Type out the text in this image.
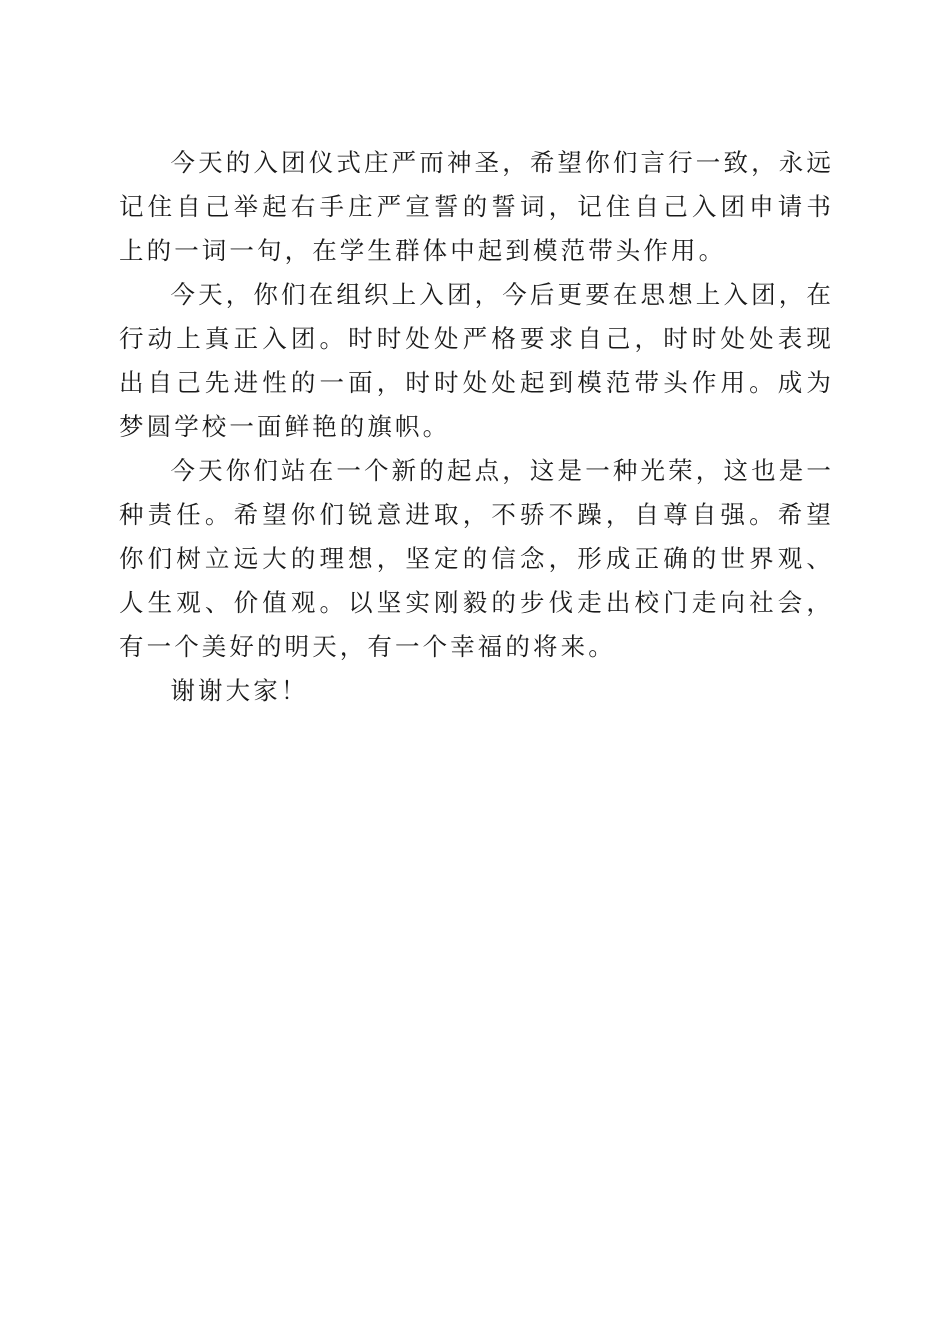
今天的入团仪式庄严而神圣，希望你们言行一致，永远记住自己举起右手庄严宣誓的誓词，记住自己入团申请书上的一词一句，在学生群体中起到模范带头作用。

今天，你们在组织上入团，今后更要在思想上入团，在行动上真正入团。时时处处严格要求自己，时时处处表现出自己先进性的一面，时时处处起到模范带头作用。成为梦圆学校一面鲜艳的旗帜。

今天你们站在一个新的起点，这是一种光荣，这也是一种责任。希望你们锐意进取，不骄不躁，自尊自强。希望你们树立远大的理想，坚定的信念，形成正确的世界观、人生观、价值观。以坚实刚毅的步伐走出校门走向社会，有一个美好的明天，有一个幸福的将来。

谢谢大家！
